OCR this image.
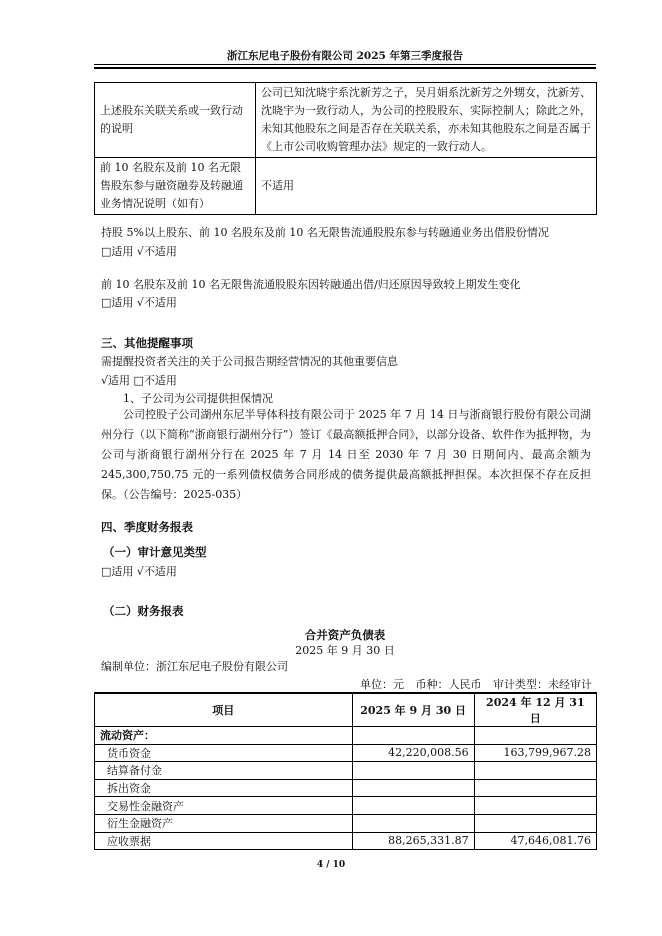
浙江东尼电子股份有限公司 2025 年第三季度报告
上述股东关联关系或一致行动的说明	公司已知沈晓宇系沈新芳之子，吴月娟系沈新芳之外甥女，沈新芳、沈晓宇为一致行动人，为公司的控股股东、实际控制人；除此之外，未知其他股东之间是否存在关联关系，亦未知其他股东之间是否属于《上市公司收购管理办法》规定的一致行动人。
前 10 名股东及前 10 名无限售股东参与融资融券及转融通业务情况说明（如有）	不适用
持股 5%以上股东、前 10 名股东及前 10 名无限售流通股股东参与转融通业务出借股份情况
□适用 √不适用
前 10 名股东及前 10 名无限售流通股股东因转融通出借/归还原因导致较上期发生变化
□适用 √不适用
三、其他提醒事项
需提醒投资者关注的关于公司报告期经营情况的其他重要信息
√适用 □不适用
1、子公司为公司提供担保情况
公司控股子公司湖州东尼半导体科技有限公司于 2025 年 7 月 14 日与浙商银行股份有限公司湖州分行（以下简称“浙商银行湖州分行”）签订《最高额抵押合同》，以部分设备、软件作为抵押物，为公司与浙商银行湖州分行在 2025 年 7 月 14 日至 2030 年 7 月 30 日期间内、最高余额为 245,300,750.75 元的一系列债权债务合同形成的债务提供最高额抵押担保。本次担保不存在反担保。（公告编号：2025-035）
四、季度财务报表
（一）审计意见类型
□适用 √不适用
（二）财务报表
合并资产负债表
2025 年 9 月 30 日
编制单位：浙江东尼电子股份有限公司
单位：元 币种：人民币 审计类型：未经审计
项目	2025 年 9 月 30 日	2024 年 12 月 31 日
流动资产：		
货币资金	42,220,008.56	163,799,967.28
结算备付金		
拆出资金		
交易性金融资产		
衍生金融资产		
应收票据	88,265,331.87	47,646,081.76
4 / 10
